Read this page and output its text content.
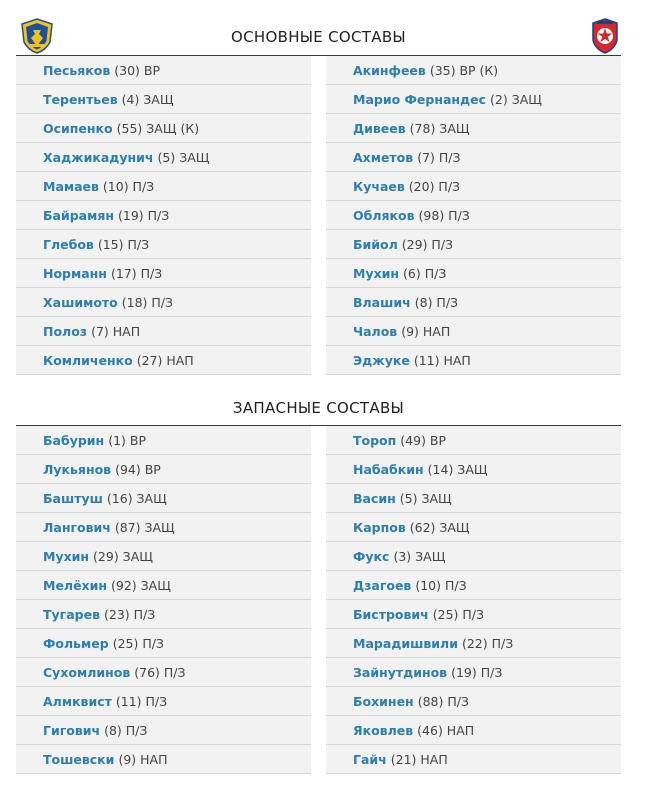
ОСНОВНЫЕ СОСТАВЫ
Песьяков (30) ВР
Терентьев (4) ЗАЩ
Осипенко (55) ЗАЩ (К)
Хаджикадунич (5) ЗАЩ
Мамаев (10) П/З
Байрамян (19) П/З
Глебов (15) П/З
Норманн (17) П/З
Хашимото (18) П/З
Полоз (7) НАП
Комличенко (27) НАП
Акинфеев (35) ВР (К)
Марио Фернандес (2) ЗАЩ
Дивеев (78) ЗАЩ
Ахметов (7) П/З
Кучаев (20) П/З
Обляков (98) П/З
Бийол (29) П/З
Мухин (6) П/З
Влашич (8) П/З
Чалов (9) НАП
Эджуке (11) НАП
ЗАПАСНЫЕ СОСТАВЫ
Бабурин (1) ВР
Лукьянов (94) ВР
Баштуш (16) ЗАЩ
Лангович (87) ЗАЩ
Мухин (29) ЗАЩ
Мелёхин (92) ЗАЩ
Тугарев (23) П/З
Фольмер (25) П/З
Сухомлинов (76) П/З
Алмквист (11) П/З
Гигович (8) П/З
Тошевски (9) НАП
Тороп (49) ВР
Набабкин (14) ЗАЩ
Васин (5) ЗАЩ
Карпов (62) ЗАЩ
Фукс (3) ЗАЩ
Дзагоев (10) П/З
Бистрович (25) П/З
Марадишвили (22) П/З
Зайнутдинов (19) П/З
Бохинен (88) П/З
Яковлев (46) НАП
Гайч (21) НАП
